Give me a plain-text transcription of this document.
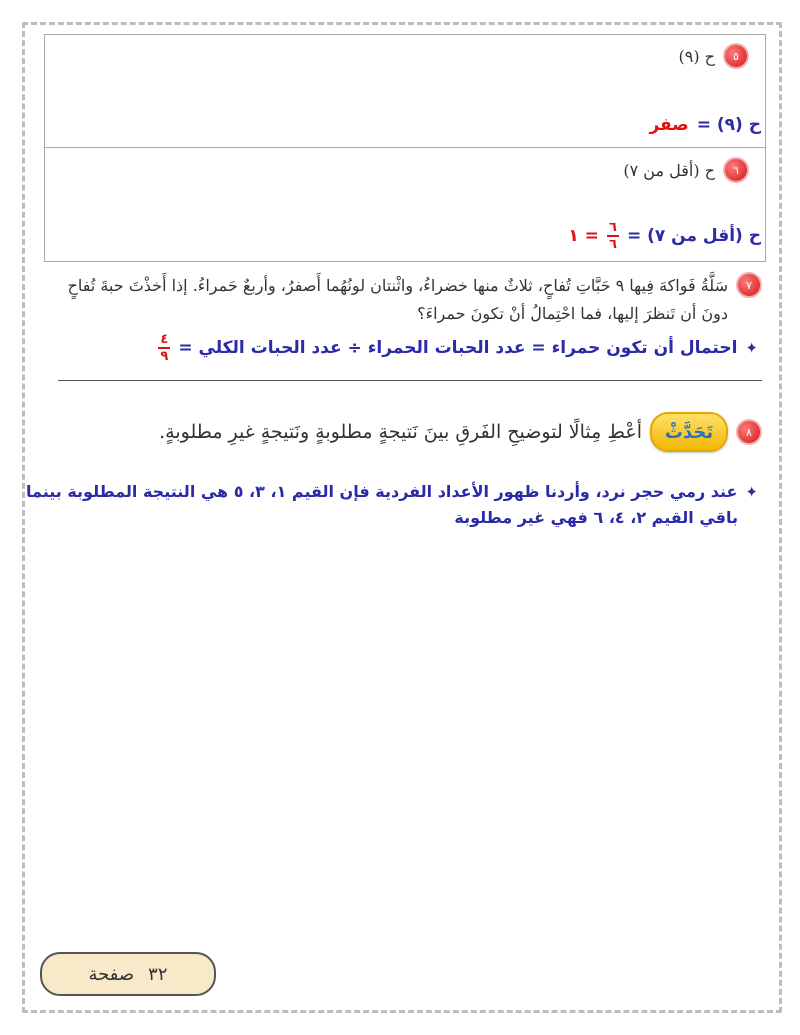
٥
ح (٩)
ح (٩) =
صفر
٦
ح (أقل من ٧)
ح (أقل من ٧) =
$\frac{٦}{٦}$
= ١
٧
سَلَّةُ فَواكهَ فِيها ٩ حَبَّاتِ تُفاحٍ، ثلاثٌ منها خضراءُ، واثْنتان لونُهُما أَصفرُ، وأربعٌ حَمراءُ. إذا أَخذْتَ حبةَ تُفاحٍ
دونَ أن تَنظرَ إليها، فما احْتِمالُ أنْ تكونَ حمراءَ؟
✦
احتمال أن تكون حمراء = عدد الحبات الحمراء ÷ عدد الحبات الكلي =
$\frac{٤}{٩}$
٨
تَحَدَّثْ
أعْطِ مِثالًا لتوضيحِ الفَرقِ بينَ نَتيجةٍ مطلوبةٍ ونَتيجةٍ غيرِ مطلوبةٍ.
✦
عند رمي حجر نرد، وأردنا ظهور الأعداد الفردية فإن القيم ١، ٣، ٥ هي النتيجة المطلوبة بينما
باقي القيم ٢، ٤، ٦ فهي غير مطلوبة
صفحة ٣٢
